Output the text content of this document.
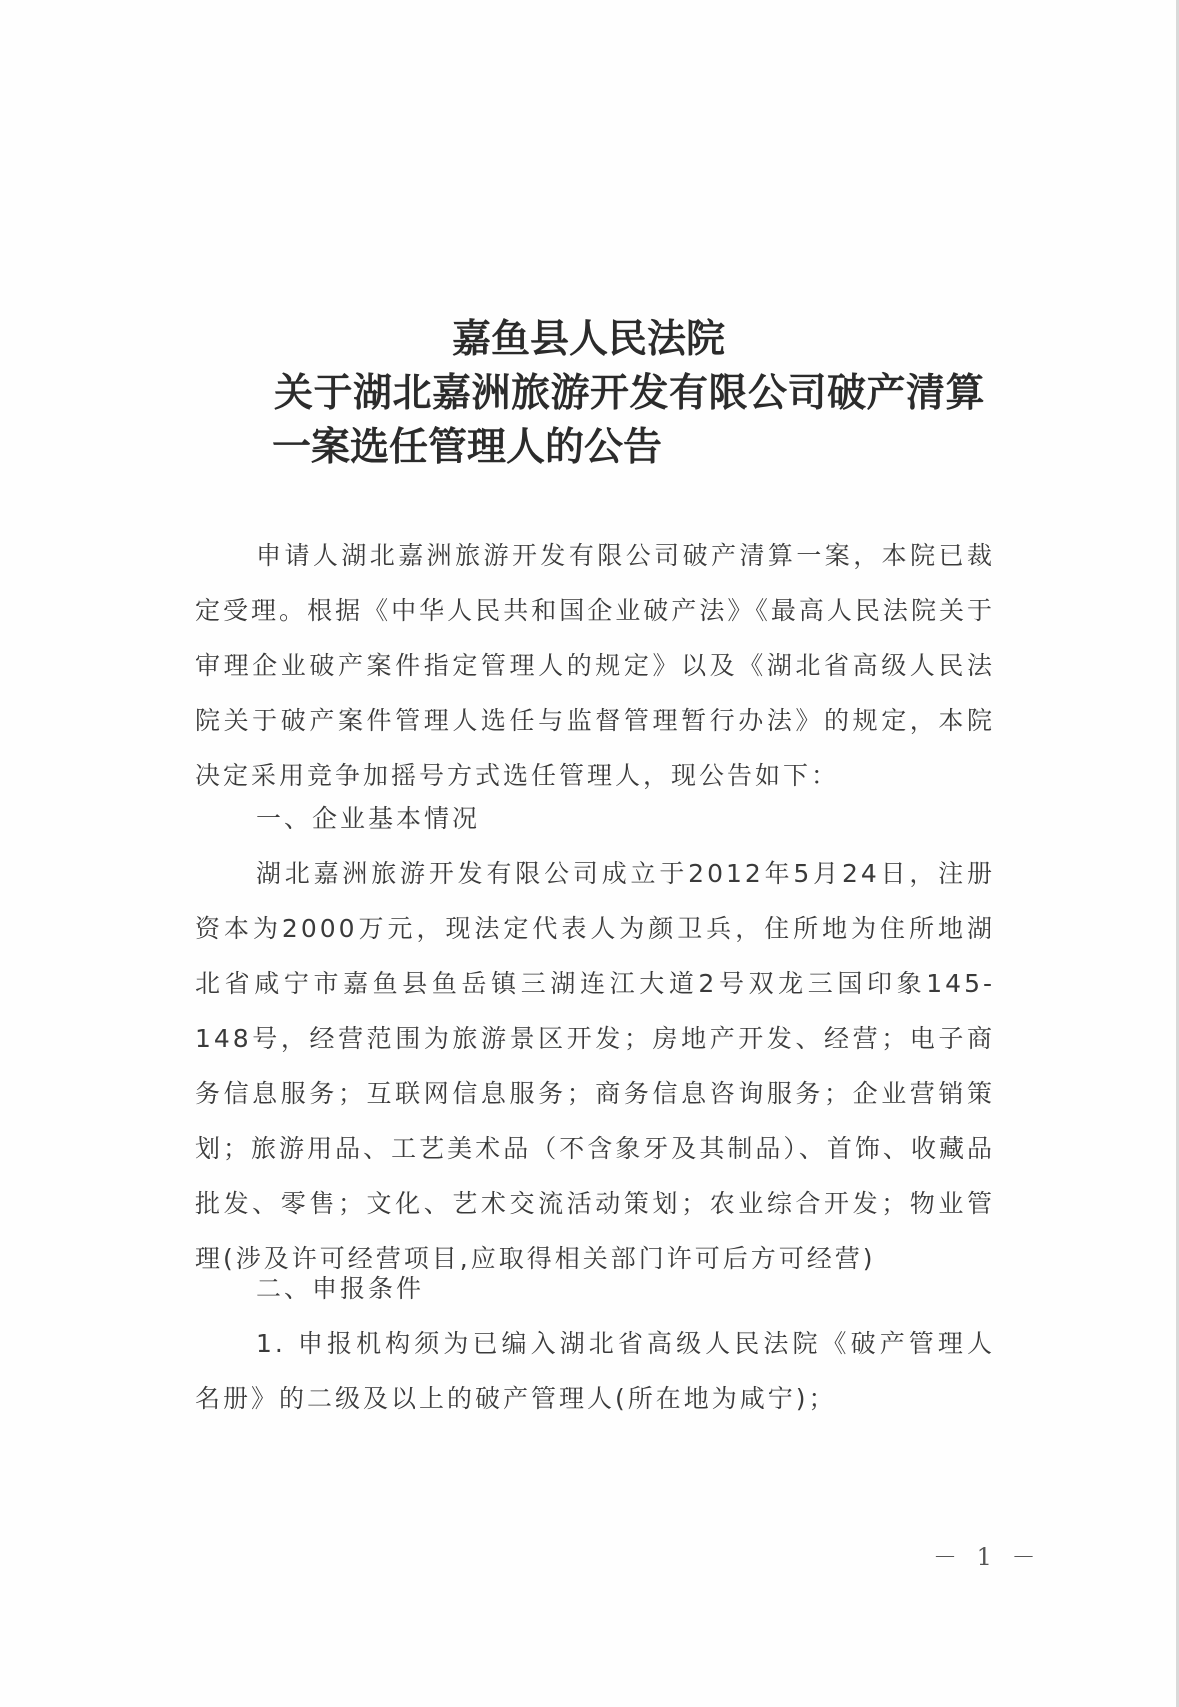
嘉鱼县人民法院
关于湖北嘉洲旅游开发有限公司破产清算
一案选任管理人的公告

申请人湖北嘉洲旅游开发有限公司破产清算一案，本院已裁定受理。根据《中华人民共和国企业破产法》《最高人民法院关于审理企业破产案件指定管理人的规定》以及《湖北省高级人民法院关于破产案件管理人选任与监督管理暂行办法》的规定，本院决定采用竞争加摇号方式选任管理人，现公告如下：

一、企业基本情况

湖北嘉洲旅游开发有限公司成立于2012年5月24日，注册资本为2000万元，现法定代表人为颜卫兵，住所地为住所地湖北省咸宁市嘉鱼县鱼岳镇三湖连江大道2号双龙三国印象145-148号，经营范围为旅游景区开发；房地产开发、经营；电子商务信息服务；互联网信息服务；商务信息咨询服务；企业营销策划；旅游用品、工艺美术品（不含象牙及其制品）、首饰、收藏品批发、零售；文化、艺术交流活动策划；农业综合开发；物业管理(涉及许可经营项目,应取得相关部门许可后方可经营)

二、申报条件

1. 申报机构须为已编入湖北省高级人民法院《破产管理人名册》的二级及以上的破产管理人(所在地为咸宁)；

－ 1 －
